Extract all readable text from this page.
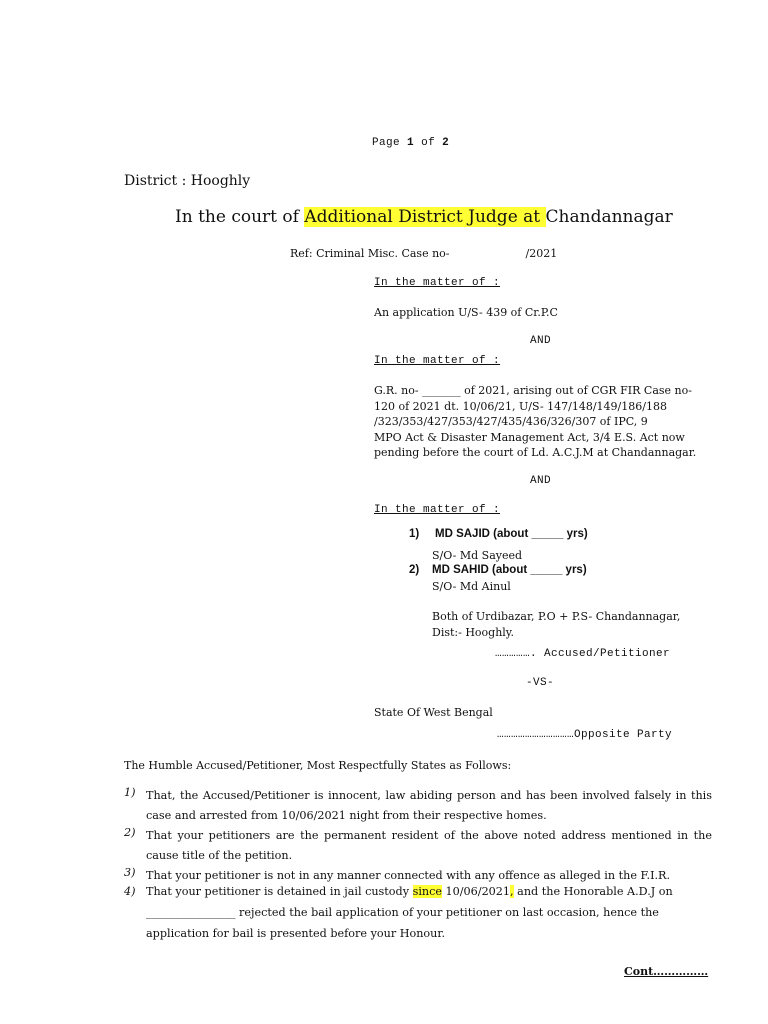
Page 1 of 2
District : Hooghly
In the court of Additional District Judge at Chandannagar
Ref: Criminal Misc. Case no-	/2021
In the matter of :
An application U/S- 439 of Cr.P.C
AND
In the matter of :
G.R. no- _______ of 2021, arising out of CGR FIR Case no-
120 of 2021 dt. 10/06/21, U/S- 147/148/149/186/188
/323/353/427/353/427/435/436/326/307 of IPC, 9
MPO Act & Disaster Management Act, 3/4 E.S. Act now
pending before the court of Ld. A.C.J.M at Chandannagar.
AND
In the matter of :
1) MD SAJID (about _____ yrs)
S/O- Md Sayeed
2) MD SAHID (about _____ yrs)
S/O- Md Ainul
Both of Urdibazar, P.O + P.S- Chandannagar,
Dist:- Hooghly.
……………. Accused/Petitioner
-VS-
State Of West Bengal
……………………………Opposite Party
The Humble Accused/Petitioner, Most Respectfully States as Follows:
1) That, the Accused/Petitioner is innocent, law abiding person and has been involved falsely in this case and arrested from 10/06/2021 night from their respective homes.
2) That your petitioners are the permanent resident of the above noted address mentioned in the cause title of the petition.
3) That your petitioner is not in any manner connected with any offence as alleged in the F.I.R.
4) That your petitioner is detained in jail custody since 10/06/2021, and the Honorable A.D.J on
________________ rejected the bail application of your petitioner on last occasion, hence the
application for bail is presented before your Honour.
Cont……………
